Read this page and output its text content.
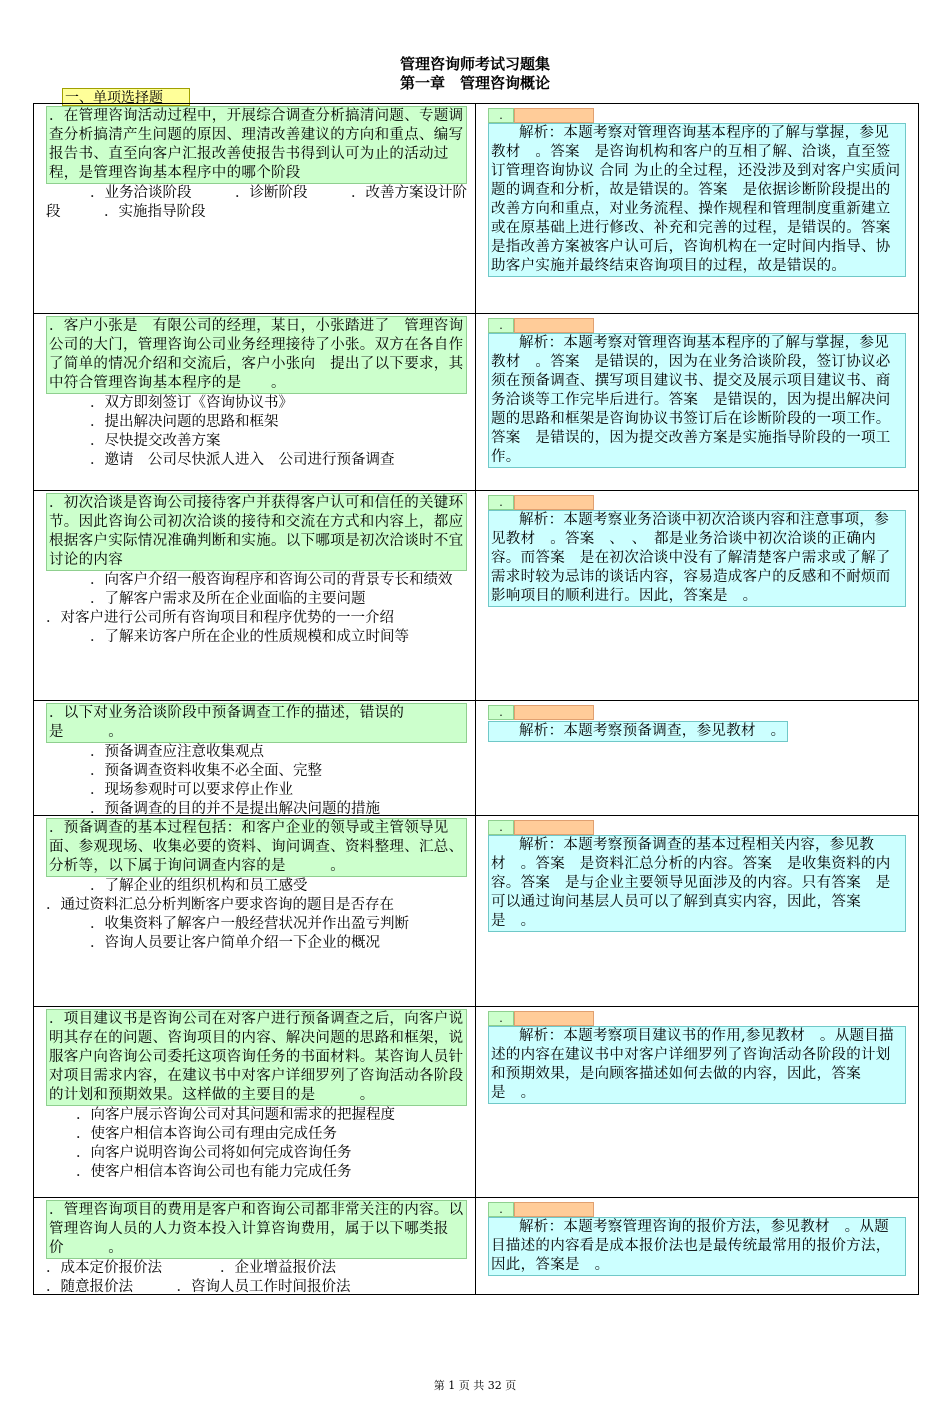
管理咨询师考试习题集
第一章　管理咨询概论
一、单项选择题
．在管理咨询活动过程中，开展综合调查分析搞清问题、专题调查分析搞清产生问题的原因、理清改善建议的方向和重点、编写报告书、直至向客户汇报改善使报告书得到认可为止的活动过程，是管理咨询基本程序中的哪个阶段
．业务洽谈阶段　　　．诊断阶段　　　．改善方案设计阶段　　　．实施指导阶段
.
解析：本题考察对管理咨询基本程序的了解与掌握，参见教材　。答案　是咨询机构和客户的互相了解、洽谈，直至签订管理咨询协议 合同 为止的全过程，还没涉及到对客户实质问题的调查和分析，故是错误的。答案　是依据诊断阶段提出的改善方向和重点，对业务流程、操作规程和管理制度重新建立或在原基础上进行修改、补充和完善的过程，是错误的。答案　是指改善方案被客户认可后，咨询机构在一定时间内指导、协助客户实施并最终结束咨询项目的过程，故是错误的。
．客户小张是　有限公司的经理，某日，小张踏进了　管理咨询公司的大门，管理咨询公司业务经理接待了小张。双方在各自作了简单的情况介绍和交流后，客户小张向　提出了以下要求，其中符合管理咨询基本程序的是　　。
．双方即刻签订《咨询协议书》
．提出解决问题的思路和框架
．尽快提交改善方案
．邀请　公司尽快派人进入　公司进行预备调查
.
解析：本题考察对管理咨询基本程序的了解与掌握，参见教材　。答案　是错误的，因为在业务洽谈阶段，签订协议必须在预备调查、撰写项目建议书、提交及展示项目建议书、商务洽谈等工作完毕后进行。答案　是错误的，因为提出解决问题的思路和框架是咨询协议书签订后在诊断阶段的一项工作。答案　是错误的，因为提交改善方案是实施指导阶段的一项工作。
．初次洽谈是咨询公司接待客户并获得客户认可和信任的关键环节。因此咨询公司初次洽谈的接待和交流在方式和内容上，都应根据客户实际情况准确判断和实施。以下哪项是初次洽谈时不宜讨论的内容
．向客户介绍一般咨询程序和咨询公司的背景专长和绩效
．了解客户需求及所在企业面临的主要问题
．对客户进行公司所有咨询项目和程序优势的一一介绍
．了解来访客户所在企业的性质规模和成立时间等
.
解析：本题考察业务洽谈中初次洽谈内容和注意事项，参见教材　。答案　、　、　都是业务洽谈中初次洽谈的正确内容。而答案　是在初次洽谈中没有了解清楚客户需求或了解了需求时较为忌讳的谈话内容，容易造成客户的反感和不耐烦而影响项目的顺利进行。因此，答案是　。
．以下对业务洽谈阶段中预备调查工作的描述，错误的是　　　。
．预备调查应注意收集观点
．预备调查资料收集不必全面、完整
．现场参观时可以要求停止作业
．预备调查的目的并不是提出解决问题的措施
.
解析：本题考察预备调查，参见教材　。
．预备调查的基本过程包括：和客户企业的领导或主管领导见面、参观现场、收集必要的资料、询问调查、资料整理、汇总、分析等，以下属于询问调查内容的是　　　。
．了解企业的组织机构和员工感受
．通过资料汇总分析判断客户要求咨询的题目是否存在
．收集资料了解客户一般经营状况并作出盈亏判断
．咨询人员要让客户简单介绍一下企业的概况
.
解析：本题考察预备调查的基本过程相关内容，参见教材　。答案　是资料汇总分析的内容。答案　是收集资料的内容。答案　是与企业主要领导见面涉及的内容。只有答案　是可以通过询问基层人员可以了解到真实内容，因此，答案是　。
．项目建议书是咨询公司在对客户进行预备调查之后，向客户说明其存在的问题、咨询项目的内容、解决问题的思路和框架，说服客户向咨询公司委托这项咨询任务的书面材料。某咨询人员针对项目需求内容，在建议书中对客户详细罗列了咨询活动各阶段的计划和预期效果。这样做的主要目的是　　　。
．向客户展示咨询公司对其问题和需求的把握程度
．使客户相信本咨询公司有理由完成任务
．向客户说明咨询公司将如何完成咨询任务
．使客户相信本咨询公司也有能力完成任务
.
解析：本题考察项目建议书的作用,参见教材　。从题目描述的内容在建议书中对客户详细罗列了咨询活动各阶段的计划和预期效果，是向顾客描述如何去做的内容，因此，答案是　。
．管理咨询项目的费用是客户和咨询公司都非常关注的内容。以管理咨询人员的人力资本投入计算咨询费用，属于以下哪类报价　　　。
．成本定价报价法　　　　．企业增益报价法
．随意报价法　　　．咨询人员工作时间报价法
.
解析：本题考察管理咨询的报价方法，参见教材　。从题目描述的内容看是成本报价法也是最传统最常用的报价方法，因此，答案是　。
第 1 页 共 32 页
